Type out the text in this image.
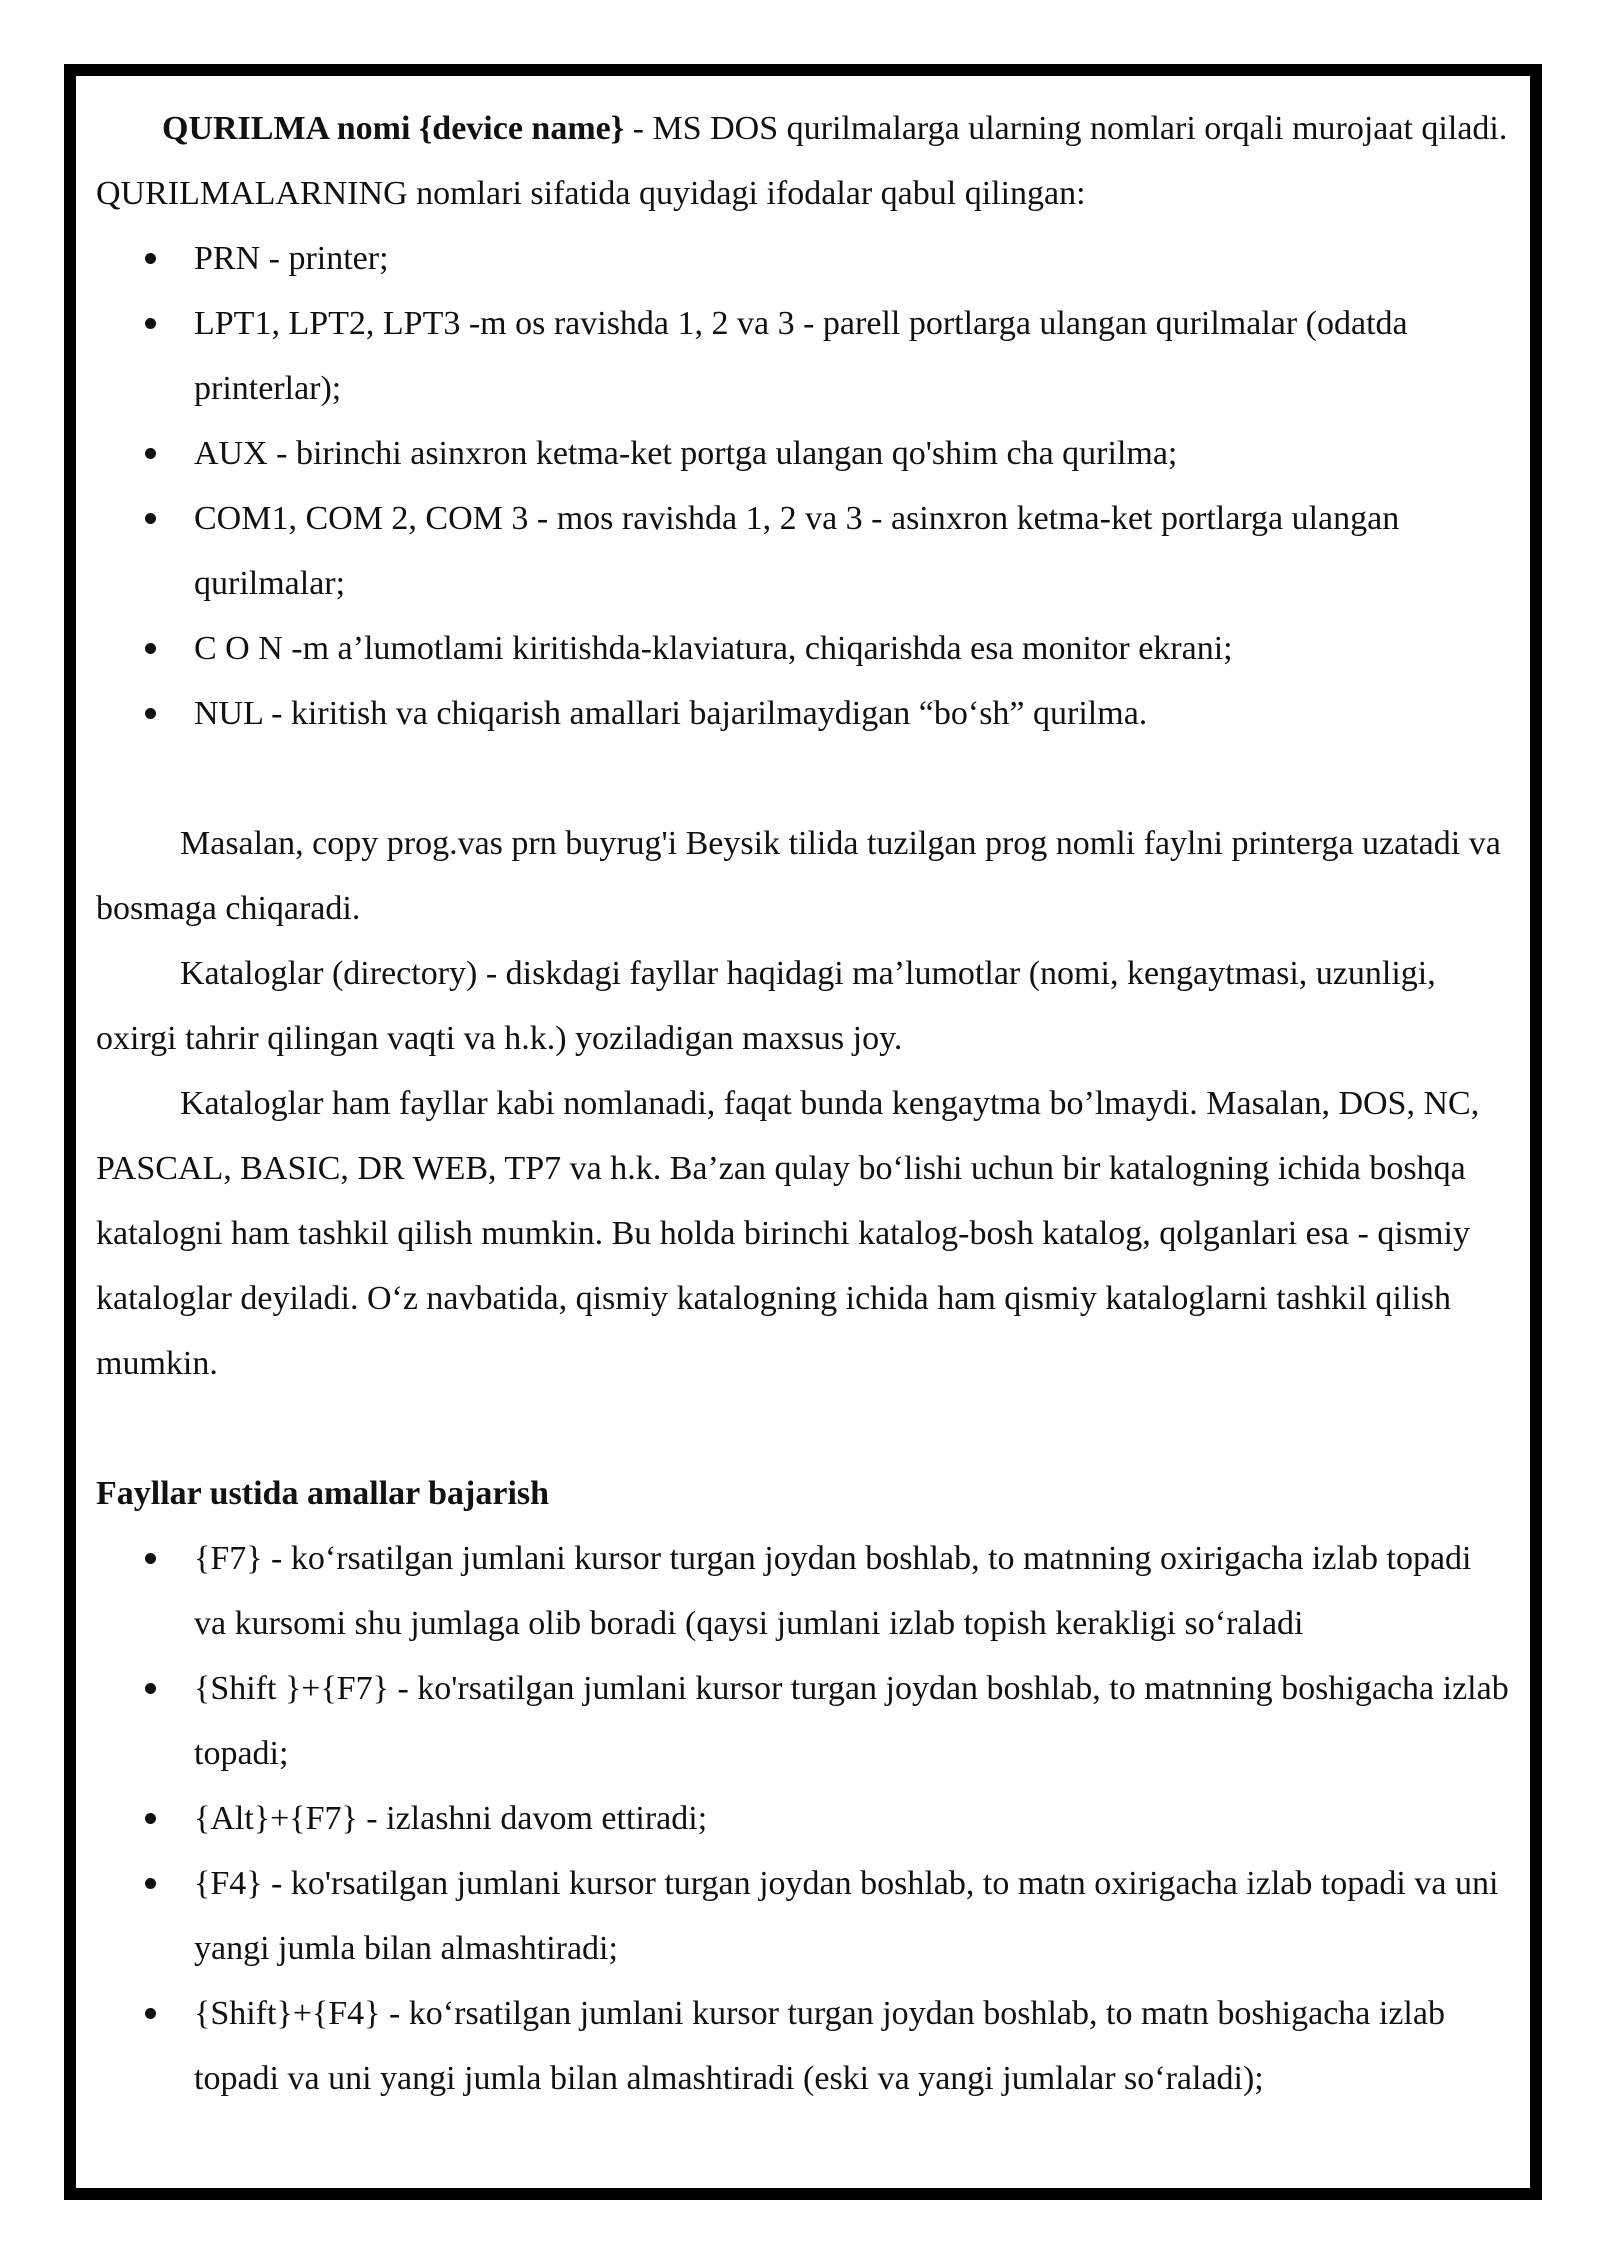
QURILMA nomi {device name} - MS DOS qurilmalarga ularning nomlari orqali murojaat qiladi. QURILMALARNING nomlari sifatida quyidagi ifodalar qabul qilingan:

PRN - printer;
LPT1, LPT2, LPT3 -m os ravishda 1, 2 va 3 - parell portlarga ulangan qurilmalar (odatda printerlar);
AUX - birinchi asinxron ketma-ket portga ulangan qo'shim cha qurilma;
COM1, COM 2, COM 3 - mos ravishda 1, 2 va 3 - asinxron ketma-ket portlarga ulangan qurilmalar;
C O N -m a’lumotlami kiritishda-klaviatura, chiqarishda esa monitor ekrani;
NUL - kiritish va chiqarish amallari bajarilmaydigan “bo‘sh” qurilma.

Masalan, copy prog.vas prn buyrug'i Beysik tilida tuzilgan prog nomli faylni printerga uzatadi va bosmaga chiqaradi.

Kataloglar (directory) - diskdagi fayllar haqidagi ma’lumotlar (nomi, kengaytmasi, uzunligi, oxirgi tahrir qilingan vaqti va h.k.) yoziladigan maxsus joy.

Kataloglar ham fayllar kabi nomlanadi, faqat bunda kengaytma bo’lmaydi. Masalan, DOS, NC, PASCAL, BASIC, DR WEB, TP7 va h.k. Ba’zan qulay bo‘lishi uchun bir katalogning ichida boshqa katalogni ham tashkil qilish mumkin. Bu holda birinchi katalog-bosh katalog, qolganlari esa - qismiy kataloglar deyiladi. O‘z navbatida, qismiy katalogning ichida ham qismiy kataloglarni tashkil qilish mumkin.

Fayllar ustida amallar bajarish

{F7} - ko‘rsatilgan jumlani kursor turgan joydan boshlab, to matnning oxirigacha izlab topadi va kursomi shu jumlaga olib boradi (qaysi jumlani izlab topish kerakligi so‘raladi
{Shift }+{F7} - ko'rsatilgan jumlani kursor turgan joydan boshlab, to matnning boshigacha izlab topadi;
{Alt}+{F7} - izlashni davom ettiradi;
{F4} - ko'rsatilgan jumlani kursor turgan joydan boshlab, to matn oxirigacha izlab topadi va uni yangi jumla bilan almashtiradi;
{Shift}+{F4} - ko‘rsatilgan jumlani kursor turgan joydan boshlab, to matn boshigacha izlab topadi va uni yangi jumla bilan almashtiradi (eski va yangi jumlalar so‘raladi);
